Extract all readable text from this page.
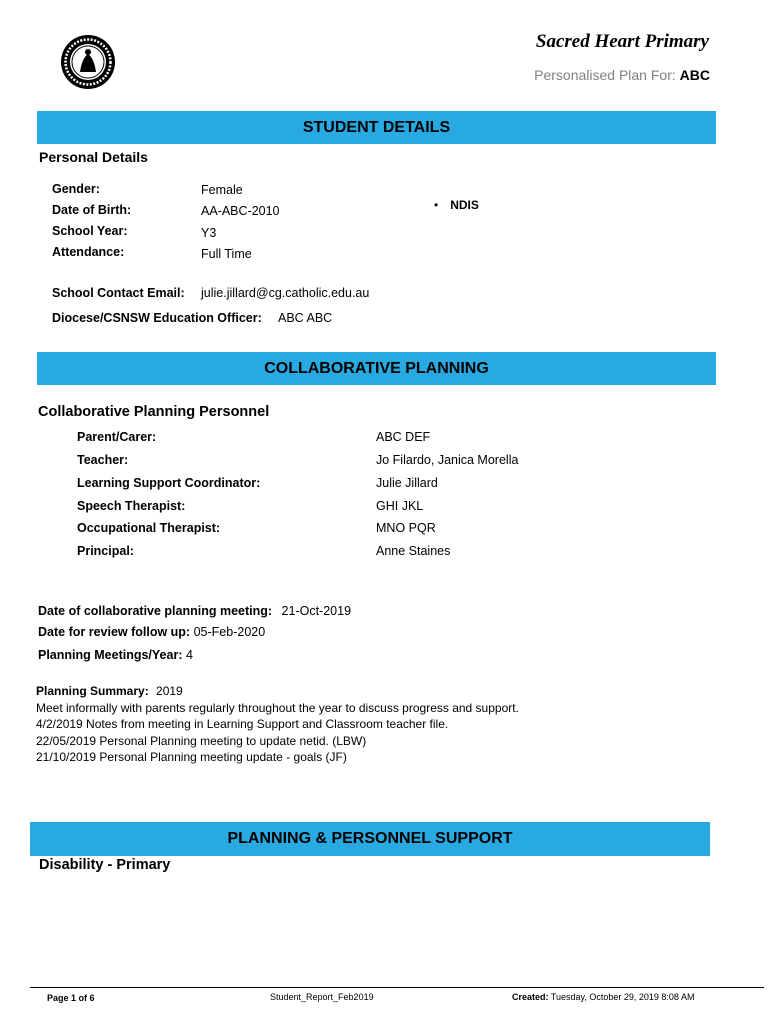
Sacred Heart Primary
Personalised Plan For: ABC
STUDENT DETAILS
Personal Details
Gender:	Female
Date of Birth:	AA-ABC-2010
School Year:	Y3
Attendance:	Full Time
• NDIS
School Contact Email: julie.jillard@cg.catholic.edu.au
Diocese/CSNSW Education Officer: ABC ABC
COLLABORATIVE PLANNING
Collaborative Planning Personnel
Parent/Carer:	ABC DEF
Teacher:	Jo Filardo, Janica Morella
Learning Support Coordinator:	Julie Jillard
Speech Therapist:	GHI JKL
Occupational Therapist:	MNO PQR
Principal:	Anne Staines
Date of collaborative planning meeting: 21-Oct-2019
Date for review follow up: 05-Feb-2020
Planning Meetings/Year: 4
Planning Summary: 2019
Meet informally with parents regularly throughout the year to discuss progress and support.
4/2/2019 Notes from meeting in Learning Support and Classroom teacher file.
22/05/2019 Personal Planning meeting to update netid. (LBW)
21/10/2019 Personal Planning meeting update - goals (JF)
PLANNING & PERSONNEL SUPPORT
Disability - Primary
Page 1 of 6	Student_Report_Feb2019	Created: Tuesday, October 29, 2019 8:08 AM
